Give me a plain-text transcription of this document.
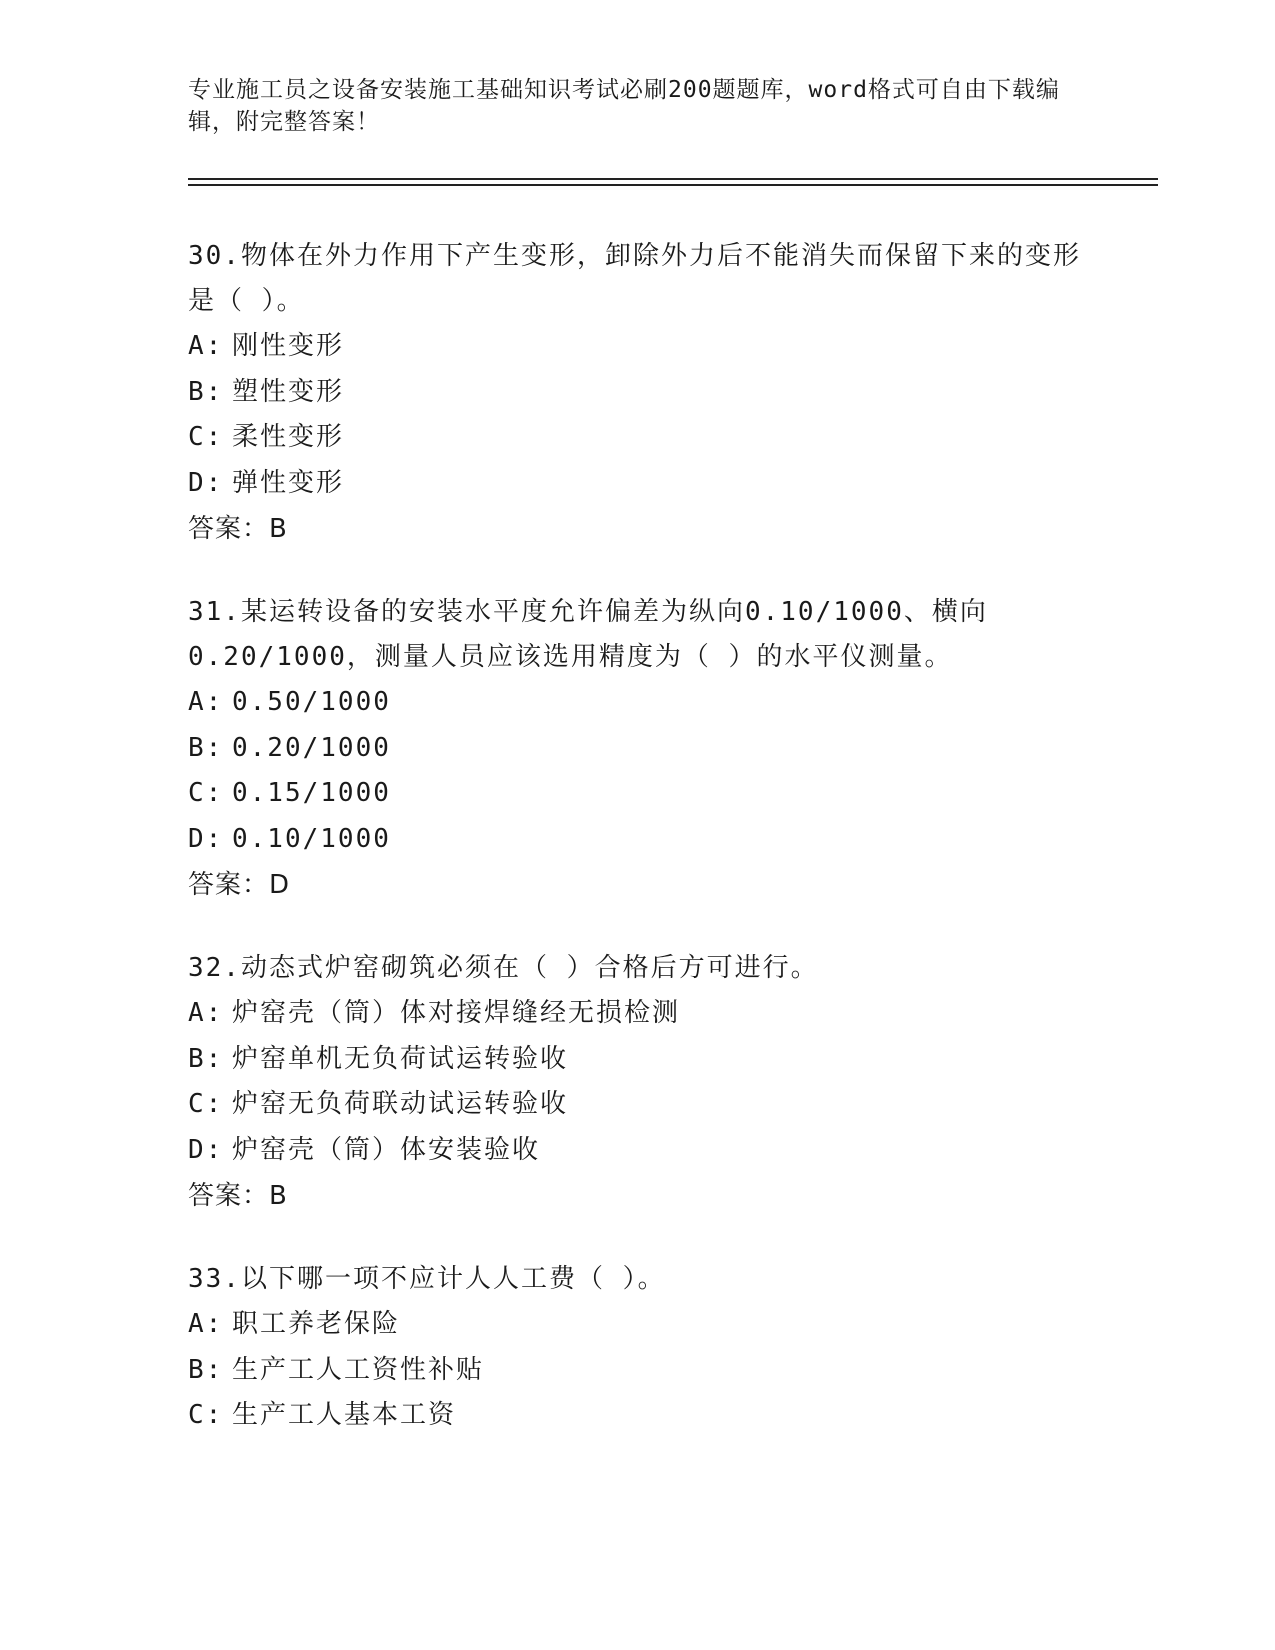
专业施工员之设备安装施工基础知识考试必刷200题题库，word格式可自由下载编辑，附完整答案！

30.物体在外力作用下产生变形，卸除外力后不能消失而保留下来的变形是（ ）。

A: 刚性变形

B: 塑性变形

C: 柔性变形

D: 弹性变形

答案：B

31.某运转设备的安装水平度允许偏差为纵向0.10/1000、横向0.20/1000，测量人员应该选用精度为（ ）的水平仪测量。

A: 0.50/1000

B: 0.20/1000

C: 0.15/1000

D: 0.10/1000

答案：D

32.动态式炉窑砌筑必须在（ ）合格后方可进行。

A: 炉窑壳（筒）体对接焊缝经无损检测

B: 炉窑单机无负荷试运转验收

C: 炉窑无负荷联动试运转验收

D: 炉窑壳（筒）体安装验收

答案：B

33.以下哪一项不应计人人工费（ ）。

A: 职工养老保险

B: 生产工人工资性补贴

C: 生产工人基本工资
